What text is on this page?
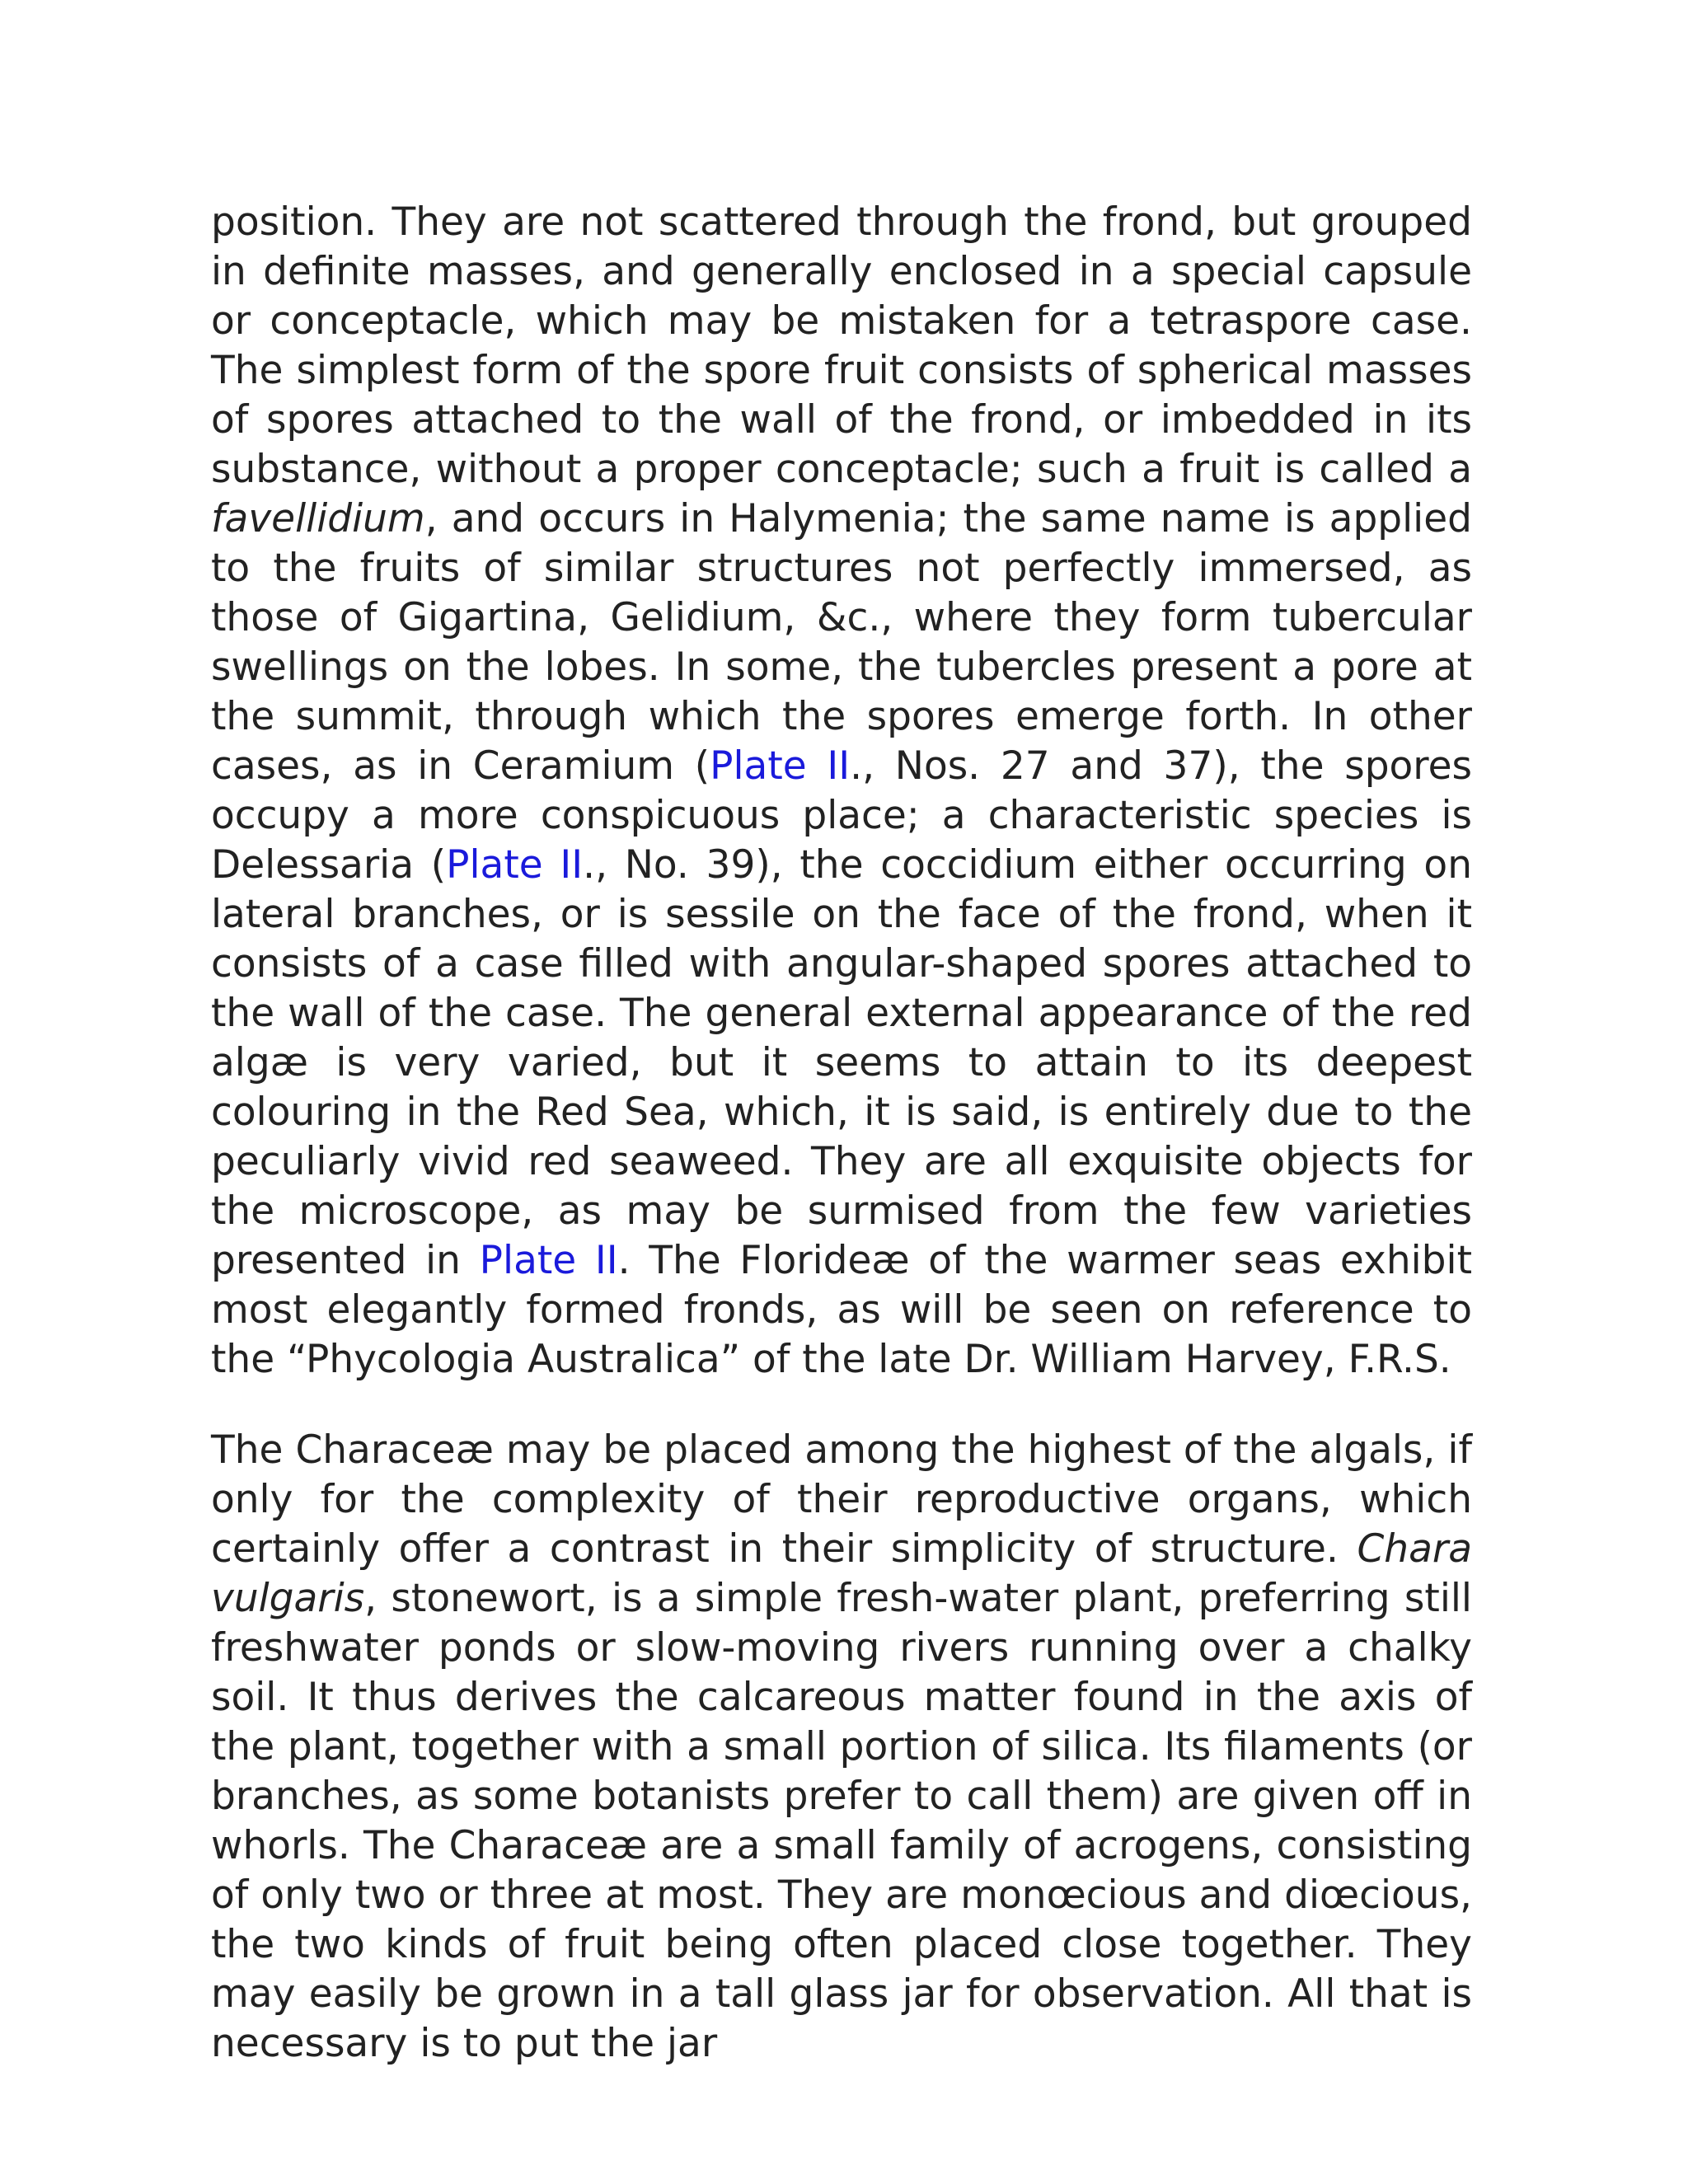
position. They are not scattered through the frond, but grouped in definite masses, and generally enclosed in a special capsule or conceptacle, which may be mistaken for a tetraspore case. The simplest form of the spore fruit consists of spherical masses of spores attached to the wall of the frond, or imbedded in its substance, without a proper conceptacle; such a fruit is called a favellidium, and occurs in Halymenia; the same name is applied to the fruits of similar structures not perfectly immersed, as those of Gigartina, Gelidium, &c., where they form tubercular swellings on the lobes. In some, the tubercles present a pore at the summit, through which the spores emerge forth. In other cases, as in Ceramium (Plate II., Nos. 27 and 37), the spores occupy a more conspicuous place; a characteristic species is Delessaria (Plate II., No. 39), the coccidium either occurring on lateral branches, or is sessile on the face of the frond, when it consists of a case filled with angular-shaped spores attached to the wall of the case. The general external appearance of the red algæ is very varied, but it seems to attain to its deepest colouring in the Red Sea, which, it is said, is entirely due to the peculiarly vivid red seaweed. They are all exquisite objects for the microscope, as may be surmised from the few varieties presented in Plate II. The Florideæ of the warmer seas exhibit most elegantly formed fronds, as will be seen on reference to the “Phycologia Australica” of the late Dr. William Harvey, F.R.S.

The Characeæ may be placed among the highest of the algals, if only for the complexity of their reproductive organs, which certainly offer a contrast in their simplicity of structure. Chara vulgaris, stonewort, is a simple fresh-water plant, preferring still freshwater ponds or slow-moving rivers running over a chalky soil. It thus derives the calcareous matter found in the axis of the plant, together with a small portion of silica. Its filaments (or branches, as some botanists prefer to call them) are given off in whorls. The Characeæ are a small family of acrogens, consisting of only two or three at most. They are monœcious and diœcious, the two kinds of fruit being often placed close together. They may easily be grown in a tall glass jar for observation. All that is necessary is to put the jar
